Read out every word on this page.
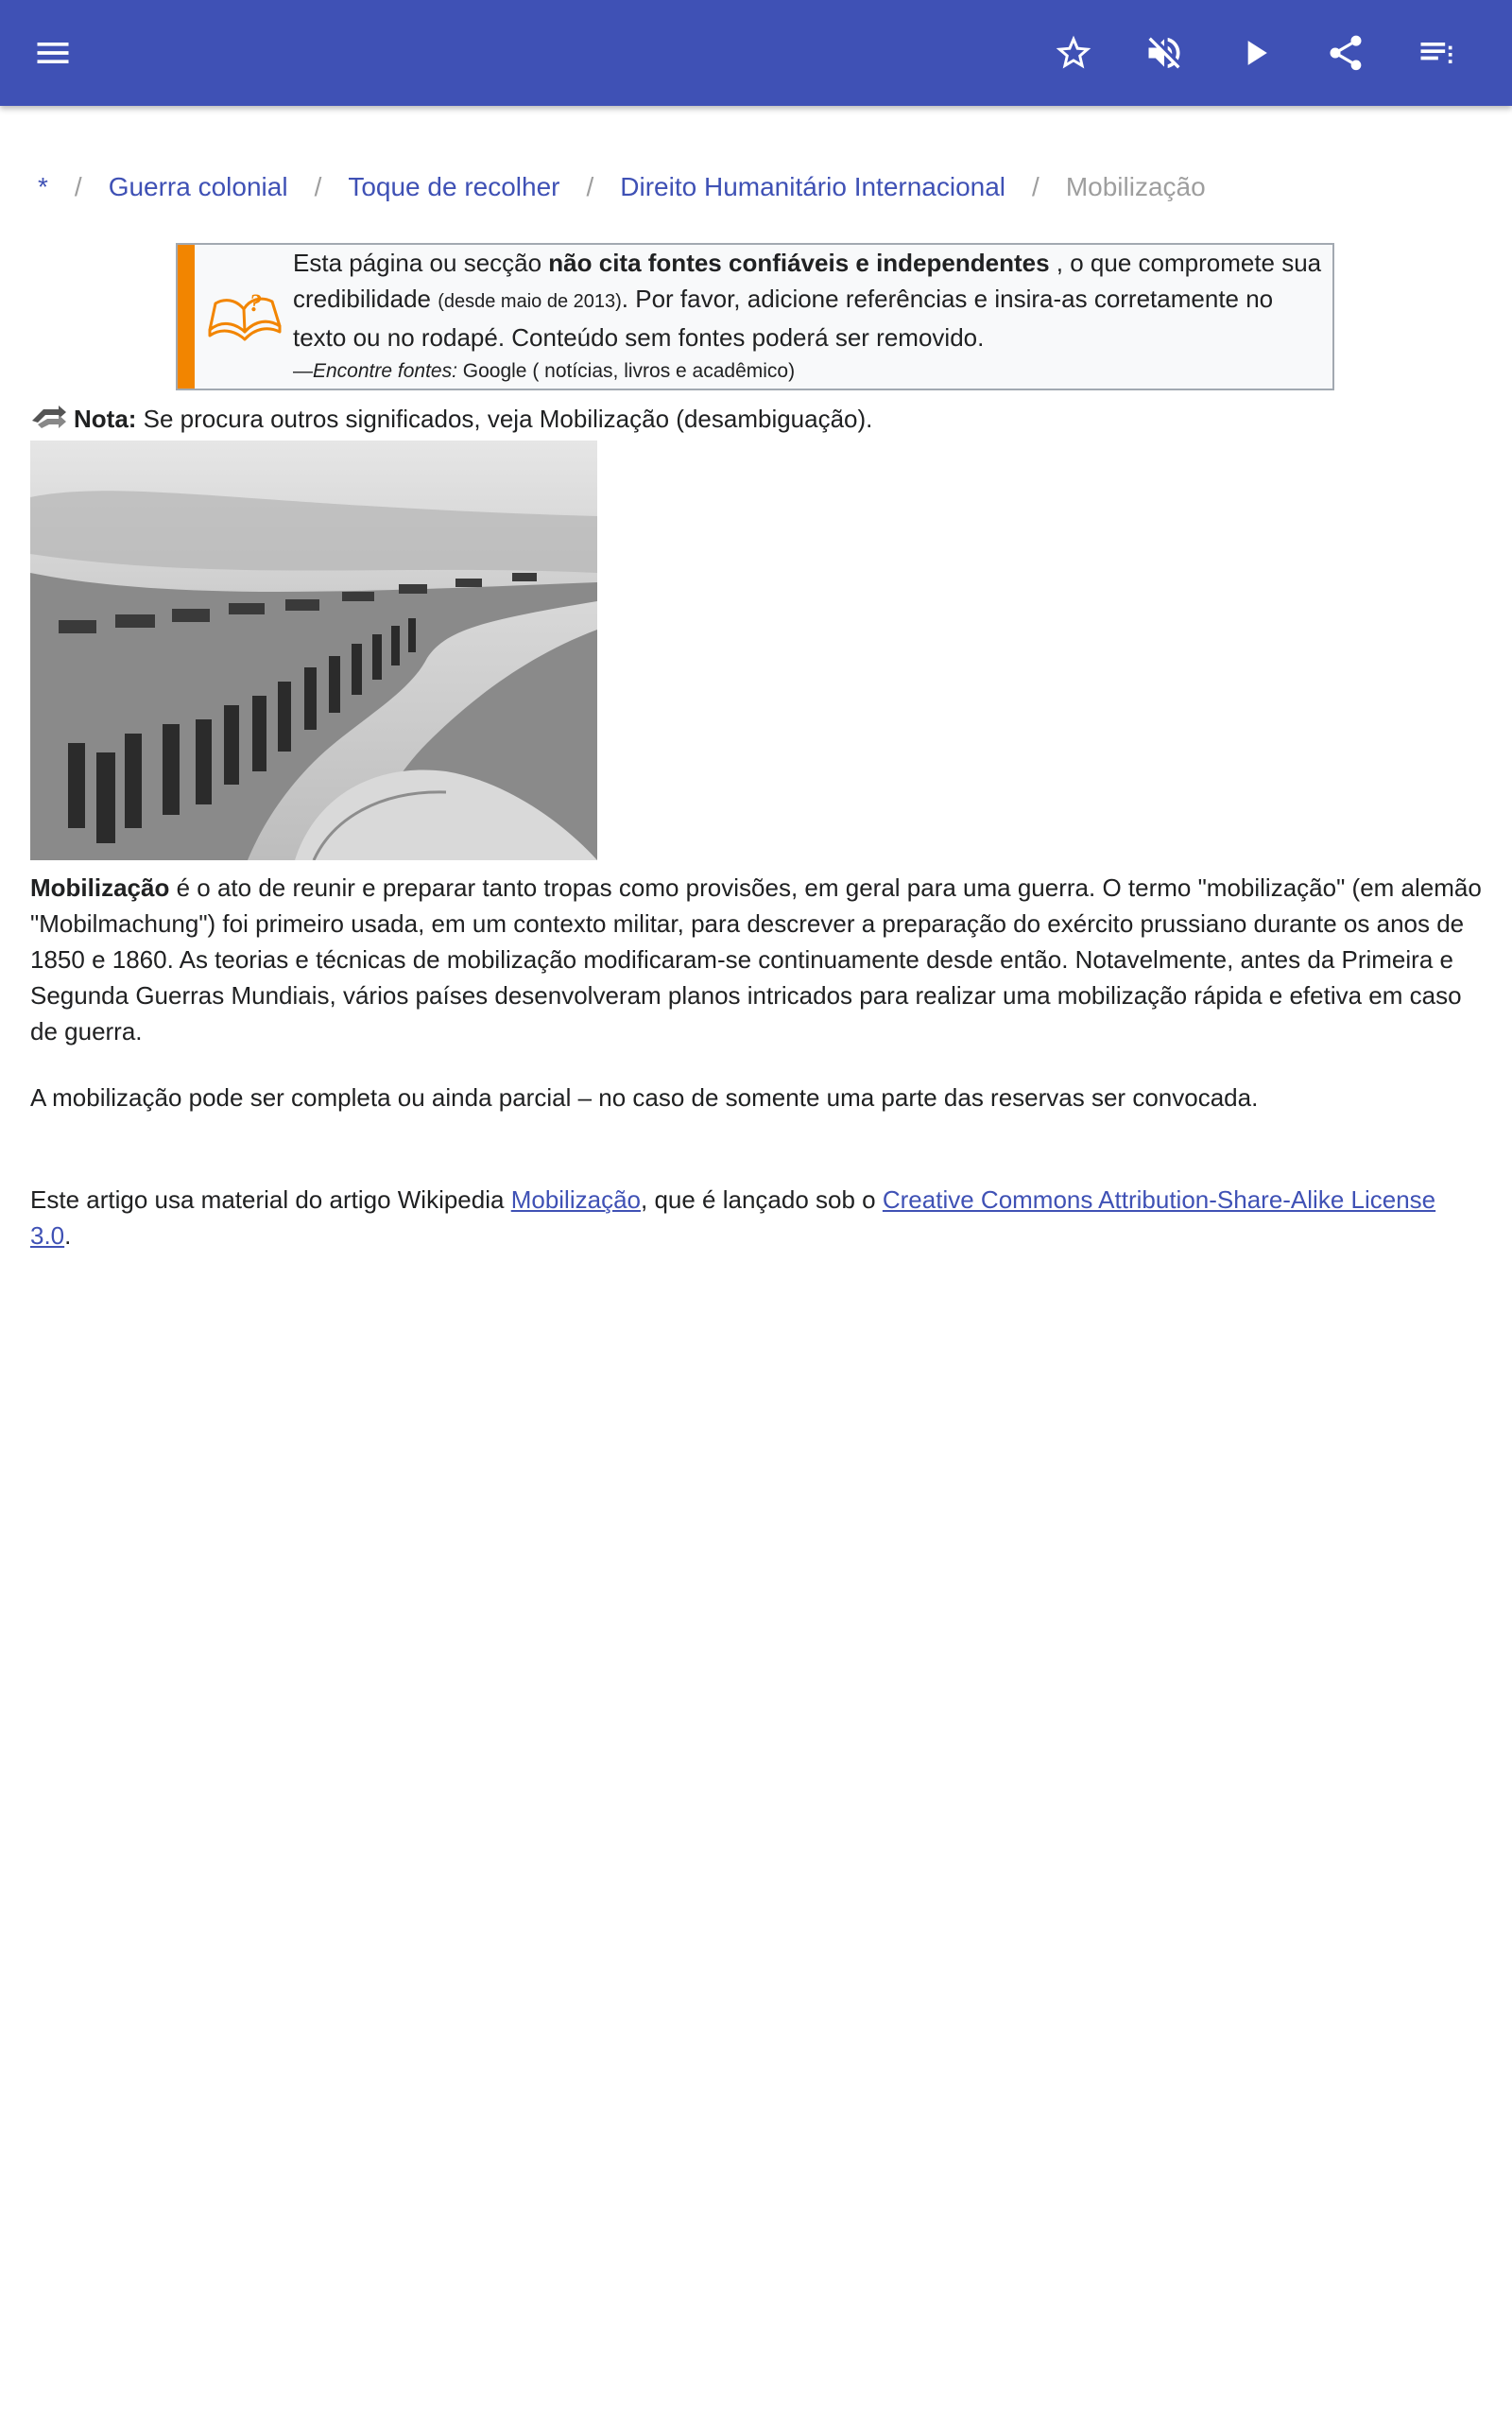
* / Guerra colonial / Toque de recolher / Direito Humanitário Internacional / Mobilização
?
Esta página ou secção não cita fontes confiáveis e independentes , o que compromete sua credibilidade (desde maio de 2013). Por favor, adicione referências e insira-as corretamente no texto ou no rodapé. Conteúdo sem fontes poderá ser removido.
—Encontre fontes: Google ( notícias, livros e acadêmico)
Nota: Se procura outros significados, veja Mobilização (desambiguação).
Mobilização é o ato de reunir e preparar tanto tropas como provisões, em geral para uma guerra. O termo "mobilização" (em alemão "Mobilmachung") foi primeiro usada, em um contexto militar, para descrever a preparação do exército prussiano durante os anos de 1850 e 1860. As teorias e técnicas de mobilização modificaram-se continuamente desde então. Notavelmente, antes da Primeira e Segunda Guerras Mundiais, vários países desenvolveram planos intricados para realizar uma mobilização rápida e efetiva em caso de guerra.
A mobilização pode ser completa ou ainda parcial – no caso de somente uma parte das reservas ser convocada.
Este artigo usa material do artigo Wikipedia Mobilização, que é lançado sob o Creative Commons Attribution-Share-Alike License 3.0.
